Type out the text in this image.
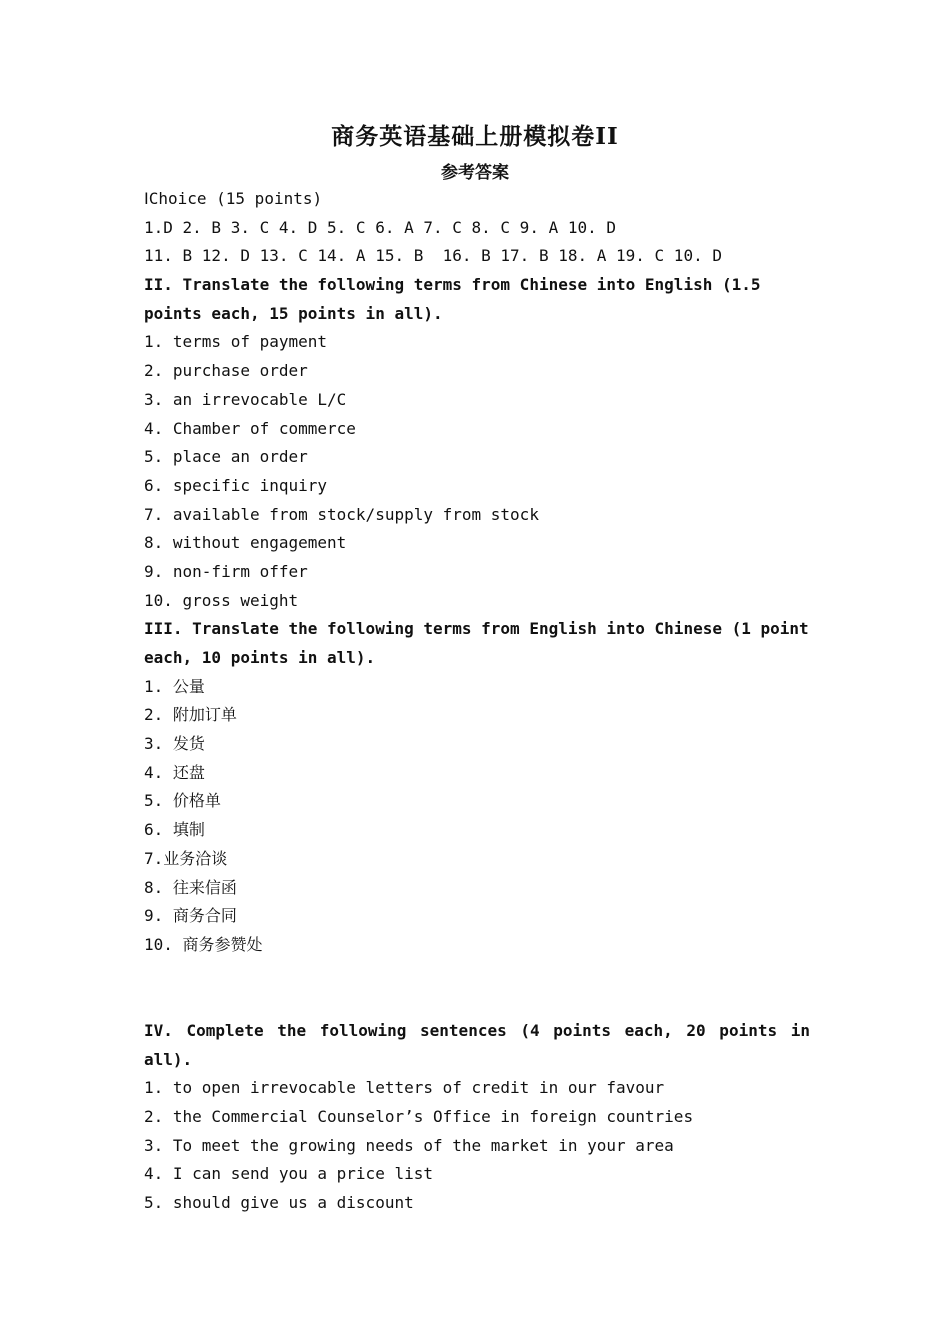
商务英语基础上册模拟卷II
参考答案
ⅠChoice (15 points)
1.D 2. B 3. C 4. D 5. C 6. A 7. C 8. C 9. A 10. D
11. B 12. D 13. C 14. A 15. B  16. B 17. B 18. A 19. C 10. D
II. Translate the following terms from Chinese into English (1.5
points each, 15 points in all).
1. terms of payment
2. purchase order
3. an irrevocable L/C
4. Chamber of commerce
5. place an order
6. specific inquiry
7. available from stock/supply from stock
8. without engagement
9. non-firm offer
10. gross weight
III. Translate the following terms from English into Chinese (1 point
each, 10 points in all).
1. 公量
2. 附加订单
3. 发货
4. 还盘
5. 价格单
6. 填制
7.业务洽谈
8. 往来信函
9. 商务合同
10. 商务参赞处
IV. Complete the following sentences (4 points each, 20 points in
all).
1. to open irrevocable letters of credit in our favour
2. the Commercial Counselor’s Office in foreign countries
3. To meet the growing needs of the market in your area
4. I can send you a price list
5. should give us a discount
